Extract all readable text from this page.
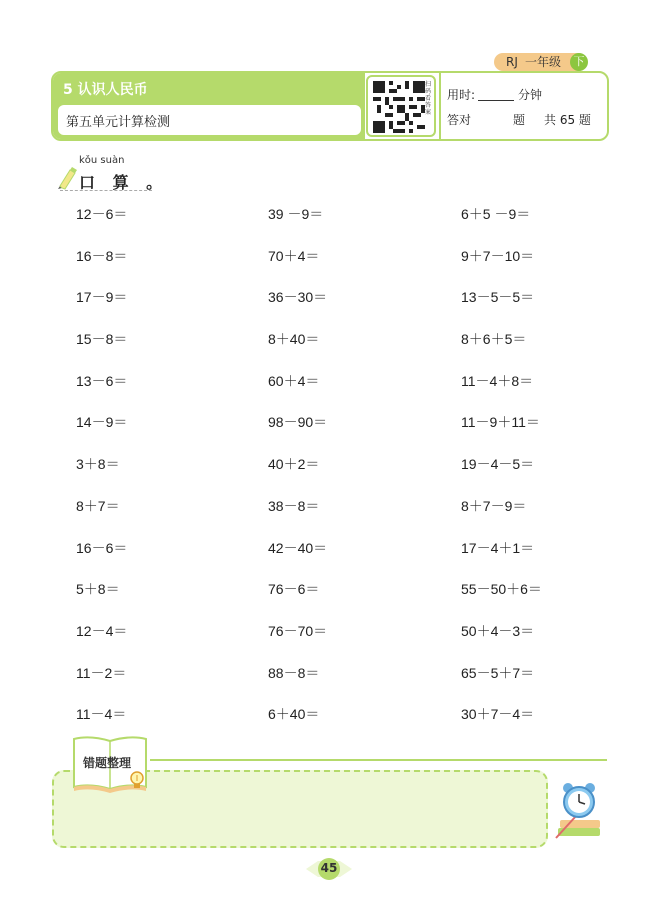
RJ 一年级	下
5 认识人民币
第五单元计算检测
扫码看答案
用时:	分钟
答对	题 共 65 题
kǒu suàn
口 算 。
12－6＝	39 －9＝	6＋5 －9＝
16－8＝	70＋4＝	9＋7－10＝
17－9＝	36－30＝	13－5－5＝
15－8＝	8＋40＝	8＋6＋5＝
13－6＝	60＋4＝	11－4＋8＝
14－9＝	98－90＝	11－9＋11＝
3＋8＝	40＋2＝	19－4－5＝
8＋7＝	38－8＝	8＋7－9＝
16－6＝	42－40＝	17－4＋1＝
5＋8＝	76－6＝	55－50＋6＝
12－4＝	76－70＝	50＋4－3＝
11－2＝	88－8＝	65－5＋7＝
11－4＝	6＋40＝	30＋7－4＝
错题整理
45
